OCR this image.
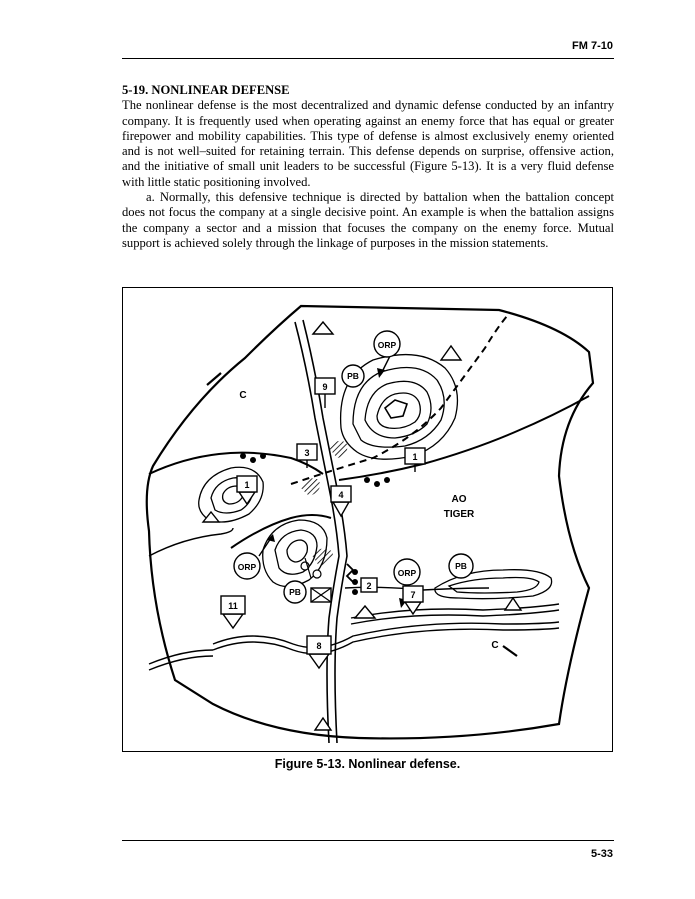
FM 7-10
5-19. NONLINEAR DEFENSE
The nonlinear defense is the most decentralized and dynamic defense conducted by an infantry company. It is frequently used when operating against an enemy force that has equal or greater firepower and mobility capabilities. This type of defense is almost exclusively enemy oriented and is not well–suited for retaining terrain. This defense depends on surprise, offensive action, and the initiative of small unit leaders to be successful (Figure 5-13). It is a very fluid defense with little static positioning involved.
a. Normally, this defensive technique is directed by battalion when the battalion concept does not focus the company at a single decisive point. An example is when the battalion assigns the company a sector and a mission that focuses the company on the enemy force. Mutual support is achieved solely through the linkage of purposes in the mission statements.
ORP
PB
ORP
PB
ORP
PB
9
3	1
1
4
2
7
11
8
C
C
AO
TIGER
Figure 5-13. Nonlinear defense.
5-33
